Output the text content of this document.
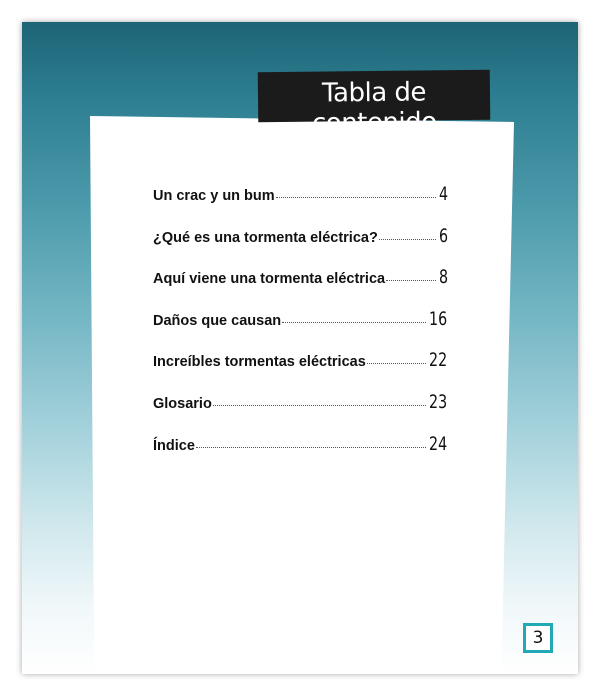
Tabla de contenido
Un crac y un bum	4
¿Qué es una tormenta eléctrica?	6
Aquí viene una tormenta eléctrica	8
Daños que causan	16
Increíbles tormentas eléctricas	22
Glosario	23
Índice	24
3
